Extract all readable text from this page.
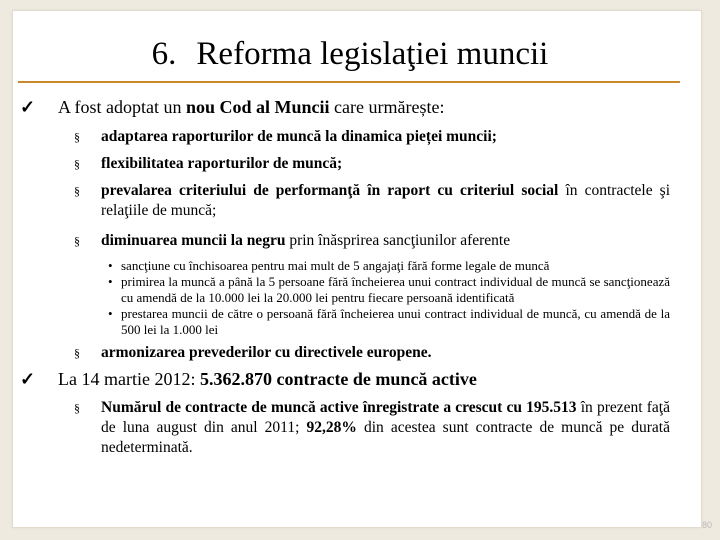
6. Reforma legislaţiei muncii

✓ A fost adoptat un nou Cod al Muncii care urmărește:

§ adaptarea raporturilor de muncă la dinamica pieței muncii;

§ flexibilitatea raporturilor de muncă;

§ prevalarea criteriului de performanţă în raport cu criteriul social în contractele şi relaţiile de muncă;

§ diminuarea muncii la negru prin înăsprirea sancţiunilor aferente

• sancţiune cu închisoarea pentru mai mult de 5 angajaţi fără forme legale de muncă

• primirea la muncă a până la 5 persoane fără încheierea unui contract individual de muncă se sancţionează cu amendă de la 10.000 lei la 20.000 lei pentru fiecare persoană identificată

• prestarea muncii de către o persoană fără încheierea unui contract individual de muncă, cu amendă de la 500 lei la 1.000 lei

§ armonizarea prevederilor cu directivele europene.

✓ La 14 martie 2012: 5.362.870 contracte de muncă active

§ Numărul de contracte de muncă active înregistrate a crescut cu 195.513 în prezent faţă de luna august din anul 2011; 92,28% din acestea sunt contracte de muncă pe durată nedeterminată.

80
